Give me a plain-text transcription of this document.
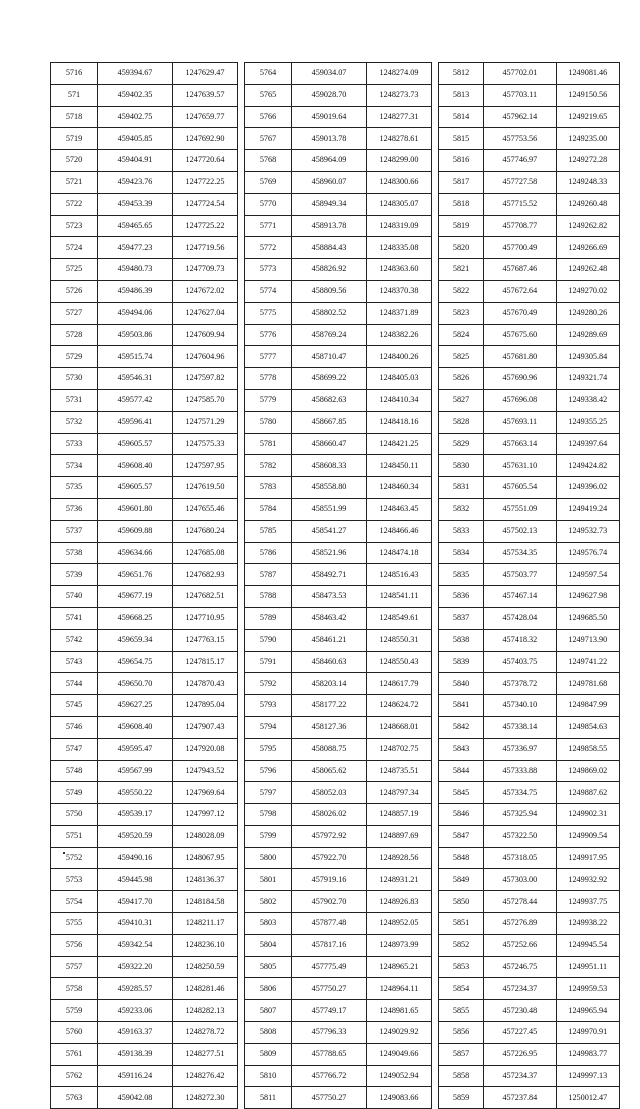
5716	459394.67	1247629.47
571	459402.35	1247639.57
5718	459402.75	1247659.77
5719	459405.85	1247692.90
5720	459404.91	1247720.64
5721	459423.76	1247722.25
5722	459453.39	1247724.54
5723	459465.65	1247725.22
5724	459477.23	1247719.56
5725	459480.73	1247709.73
5726	459486.39	1247672.02
5727	459494.06	1247627.04
5728	459503.86	1247609.94
5729	459515.74	1247604.96
5730	459546.31	1247597.82
5731	459577.42	1247585.70
5732	459596.41	1247571.29
5733	459605.57	1247575.33
5734	459608.40	1247597.95
5735	459605.57	1247619.50
5736	459601.80	1247655.46
5737	459609.88	1247680.24
5738	459634.66	1247685.08
5739	459651.76	1247682.93
5740	459677.19	1247682.51
5741	459668.25	1247710.95
5742	459659.34	1247763.15
5743	459654.75	1247815.17
5744	459650.70	1247870.43
5745	459627.25	1247895.04
5746	459608.40	1247907.43
5747	459595.47	1247920.08
5748	459567.99	1247943.52
5749	459550.22	1247969.64
5750	459539.17	1247997.12
5751	459520.59	1248028.09
5752	459490.16	1248067.95
5753	459445.98	1248136.37
5754	459417.70	1248184.58
5755	459410.31	1248211.17
5756	459342.54	1248236.10
5757	459322.20	1248250.59
5758	459285.57	1248281.46
5759	459233.06	1248282.13
5760	459163.37	1248278.72
5761	459138.39	1248277.51
5762	459116.24	1248276.42
5763	459042.08	1248272.30
5764	459034.07	1248274.09
5765	459028.70	1248273.73
5766	459019.64	1248277.31
5767	459013.78	1248278.61
5768	458964.09	1248299.00
5769	458960.07	1248300.66
5770	458949.34	1248305.07
5771	458913.78	1248319.09
5772	458884.43	1248335.08
5773	458826.92	1248363.60
5774	458809.56	1248370.38
5775	458802.52	1248371.89
5776	458769.24	1248382.26
5777	458710.47	1248400.26
5778	458699.22	1248405.03
5779	458682.63	1248410.34
5780	458667.85	1248418.16
5781	458660.47	1248421.25
5782	458608.33	1248450.11
5783	458558.80	1248460.34
5784	458551.99	1248463.45
5785	458541.27	1248466.46
5786	458521.96	1248474.18
5787	458492.71	1248516.43
5788	458473.53	1248541.11
5789	458463.42	1248549.61
5790	458461.21	1248550.31
5791	458460.63	1248550.43
5792	458203.14	1248617.79
5793	458177.22	1248624.72
5794	458127.36	1248668.01
5795	458088.75	1248702.75
5796	458065.62	1248735.51
5797	458052.03	1248797.34
5798	458026.02	1248857.19
5799	457972.92	1248897.69
5800	457922.70	1248928.56
5801	457919.16	1248931.21
5802	457902.70	1248926.83
5803	457877.48	1248952.05
5804	457817.16	1248973.99
5805	457775.49	1248965.21
5806	457750.27	1248964.11
5807	457749.17	1248981.65
5808	457796.33	1249029.92
5809	457788.65	1249049.66
5810	457766.72	1249052.94
5811	457750.27	1249083.66
5812	457702.01	1249081.46
5813	457703.11	1249150.56
5814	457962.14	1249219.65
5815	457753.56	1249235.00
5816	457746.97	1249272.28
5817	457727.58	1249248.33
5818	457715.52	1249260.48
5819	457708.77	1249262.82
5820	457700.49	1249266.69
5821	457687.46	1249262.48
5822	457672.64	1249270.02
5823	457670.49	1249280.26
5824	457675.60	1249289.69
5825	457681.80	1249305.84
5826	457690.96	1249321.74
5827	457696.08	1249338.42
5828	457693.11	1249355.25
5829	457663.14	1249397.64
5830	457631.10	1249424.82
5831	457605.54	1249396.02
5832	457551.09	1249419.24
5833	457502.13	1249532.73
5834	457534.35	1249576.74
5835	457503.77	1249597.54
5836	457467.14	1249627.98
5837	457428.04	1249685.50
5838	457418.32	1249713.90
5839	457403.75	1249741.22
5840	457378.72	1249781.68
5841	457340.10	1249847.99
5842	457338.14	1249854.63
5843	457336.97	1249858.55
5844	457333.88	1249869.02
5845	457334.75	1249887.62
5846	457325.94	1249902.31
5847	457322.50	1249909.54
5848	457318.05	1249917.95
5849	457303.00	1249932.92
5850	457278.44	1249937.75
5851	457276.89	1249938.22
5852	457252.66	1249945.54
5853	457246.75	1249951.11
5854	457234.37	1249959.53
5855	457230.48	1249965.94
5856	457227.45	1249970.91
5857	457226.95	1249983.77
5858	457234.37	1249997.13
5859	457237.84	1250012.47
